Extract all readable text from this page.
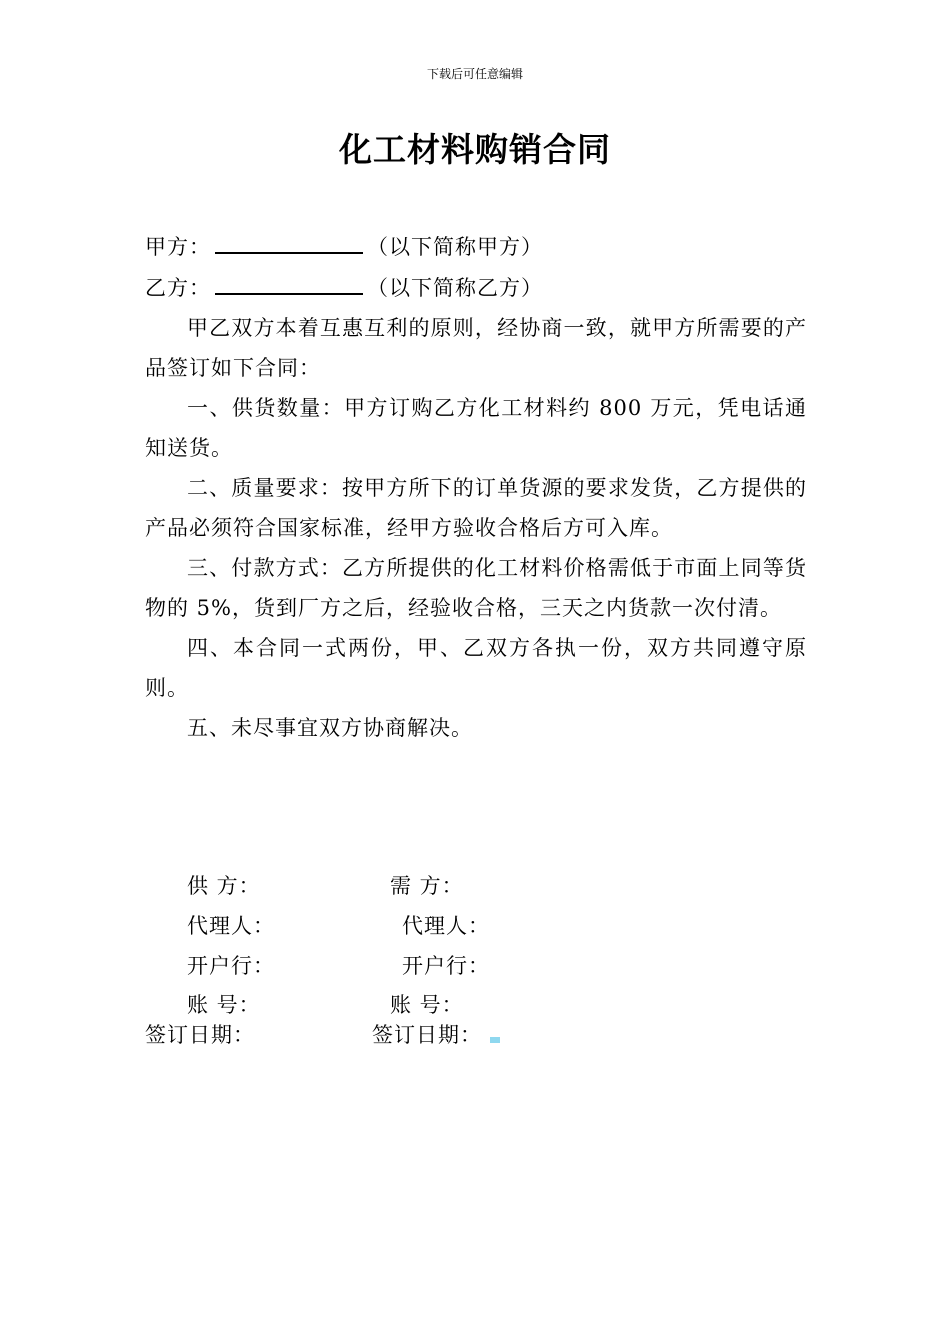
下载后可任意编辑
化工材料购销合同
甲方：	（以下简称甲方）
乙方：	（以下简称乙方）
甲乙双方本着互惠互利的原则，经协商一致，就甲方所需要的产品签订如下合同：
一、供货数量：甲方订购乙方化工材料约 800 万元，凭电话通知送货。
二、质量要求：按甲方所下的订单货源的要求发货，乙方提供的产品必须符合国家标准，经甲方验收合格后方可入库。
三、付款方式：乙方所提供的化工材料价格需低于市面上同等货物的 5%，货到厂方之后，经验收合格，三天之内货款一次付清。
四、本合同一式两份，甲、乙双方各执一份，双方共同遵守原则。
五、未尽事宜双方协商解决。
供 方：	需 方：
代理人：	代理人：
开户行：	开户行：
账 号：	账 号：
签订日期：	签订日期：
